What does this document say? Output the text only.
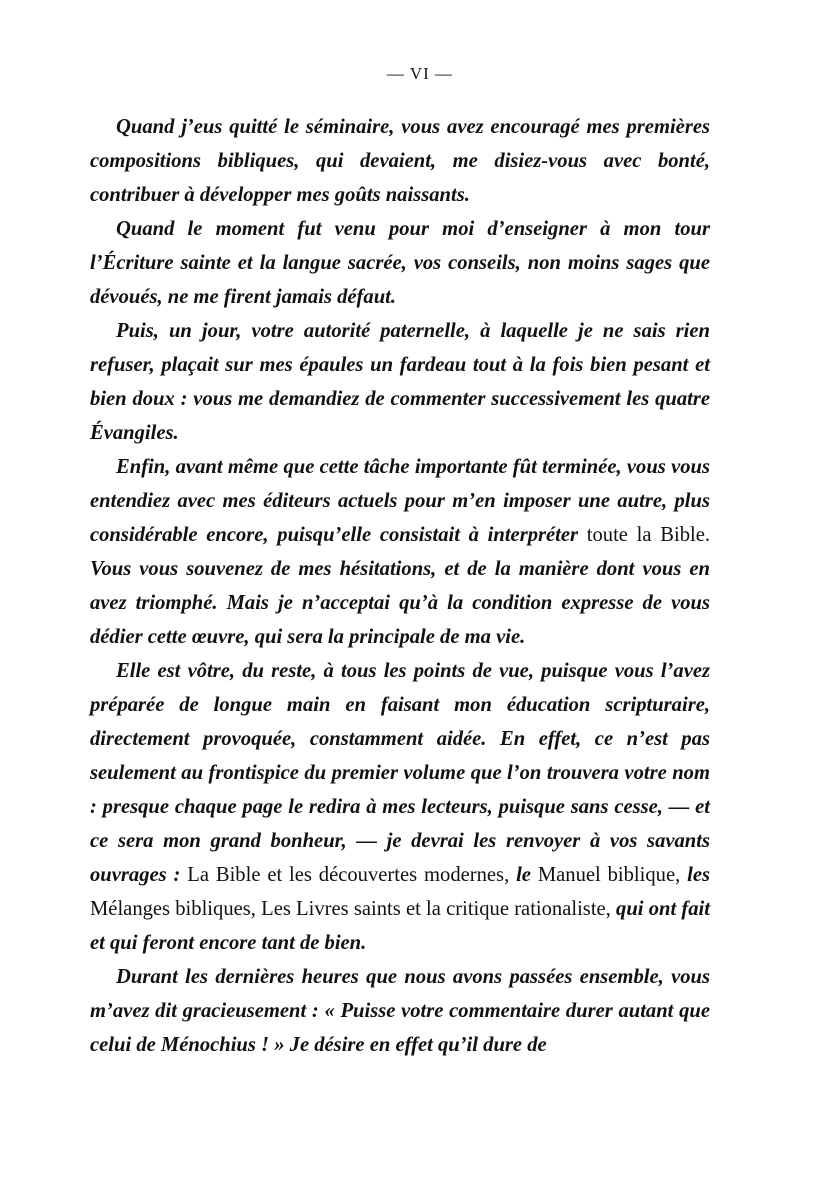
— VI —

Quand j’eus quitté le séminaire, vous avez encouragé mes premières compositions bibliques, qui devaient, me disiez-vous avec bonté, contribuer à développer mes goûts naissants.

Quand le moment fut venu pour moi d’enseigner à mon tour l’Écriture sainte et la langue sacrée, vos conseils, non moins sages que dévoués, ne me firent jamais défaut.

Puis, un jour, votre autorité paternelle, à laquelle je ne sais rien refuser, plaçait sur mes épaules un fardeau tout à la fois bien pesant et bien doux : vous me demandiez de commenter successivement les quatre Évangiles.

Enfin, avant même que cette tâche importante fût terminée, vous vous entendiez avec mes éditeurs actuels pour m’en imposer une autre, plus considérable encore, puisqu’elle consistait à interpréter toute la Bible. Vous vous souvenez de mes hésitations, et de la manière dont vous en avez triomphé. Mais je n’acceptai qu’à la condition expresse de vous dédier cette œuvre, qui sera la principale de ma vie.

Elle est vôtre, du reste, à tous les points de vue, puisque vous l’avez préparée de longue main en faisant mon éducation scripturaire, directement provoquée, constamment aidée. En effet, ce n’est pas seulement au frontispice du premier volume que l’on trouvera votre nom : presque chaque page le redira à mes lecteurs, puisque sans cesse, — et ce sera mon grand bonheur, — je devrai les renvoyer à vos savants ouvrages : La Bible et les découvertes modernes, le Manuel biblique, les Mélanges bibliques, Les Livres saints et la critique rationaliste, qui ont fait et qui feront encore tant de bien.

Durant les dernières heures que nous avons passées ensemble, vous m’avez dit gracieusement : « Puisse votre commentaire durer autant que celui de Ménochius ! » Je désire en effet qu’il dure de
